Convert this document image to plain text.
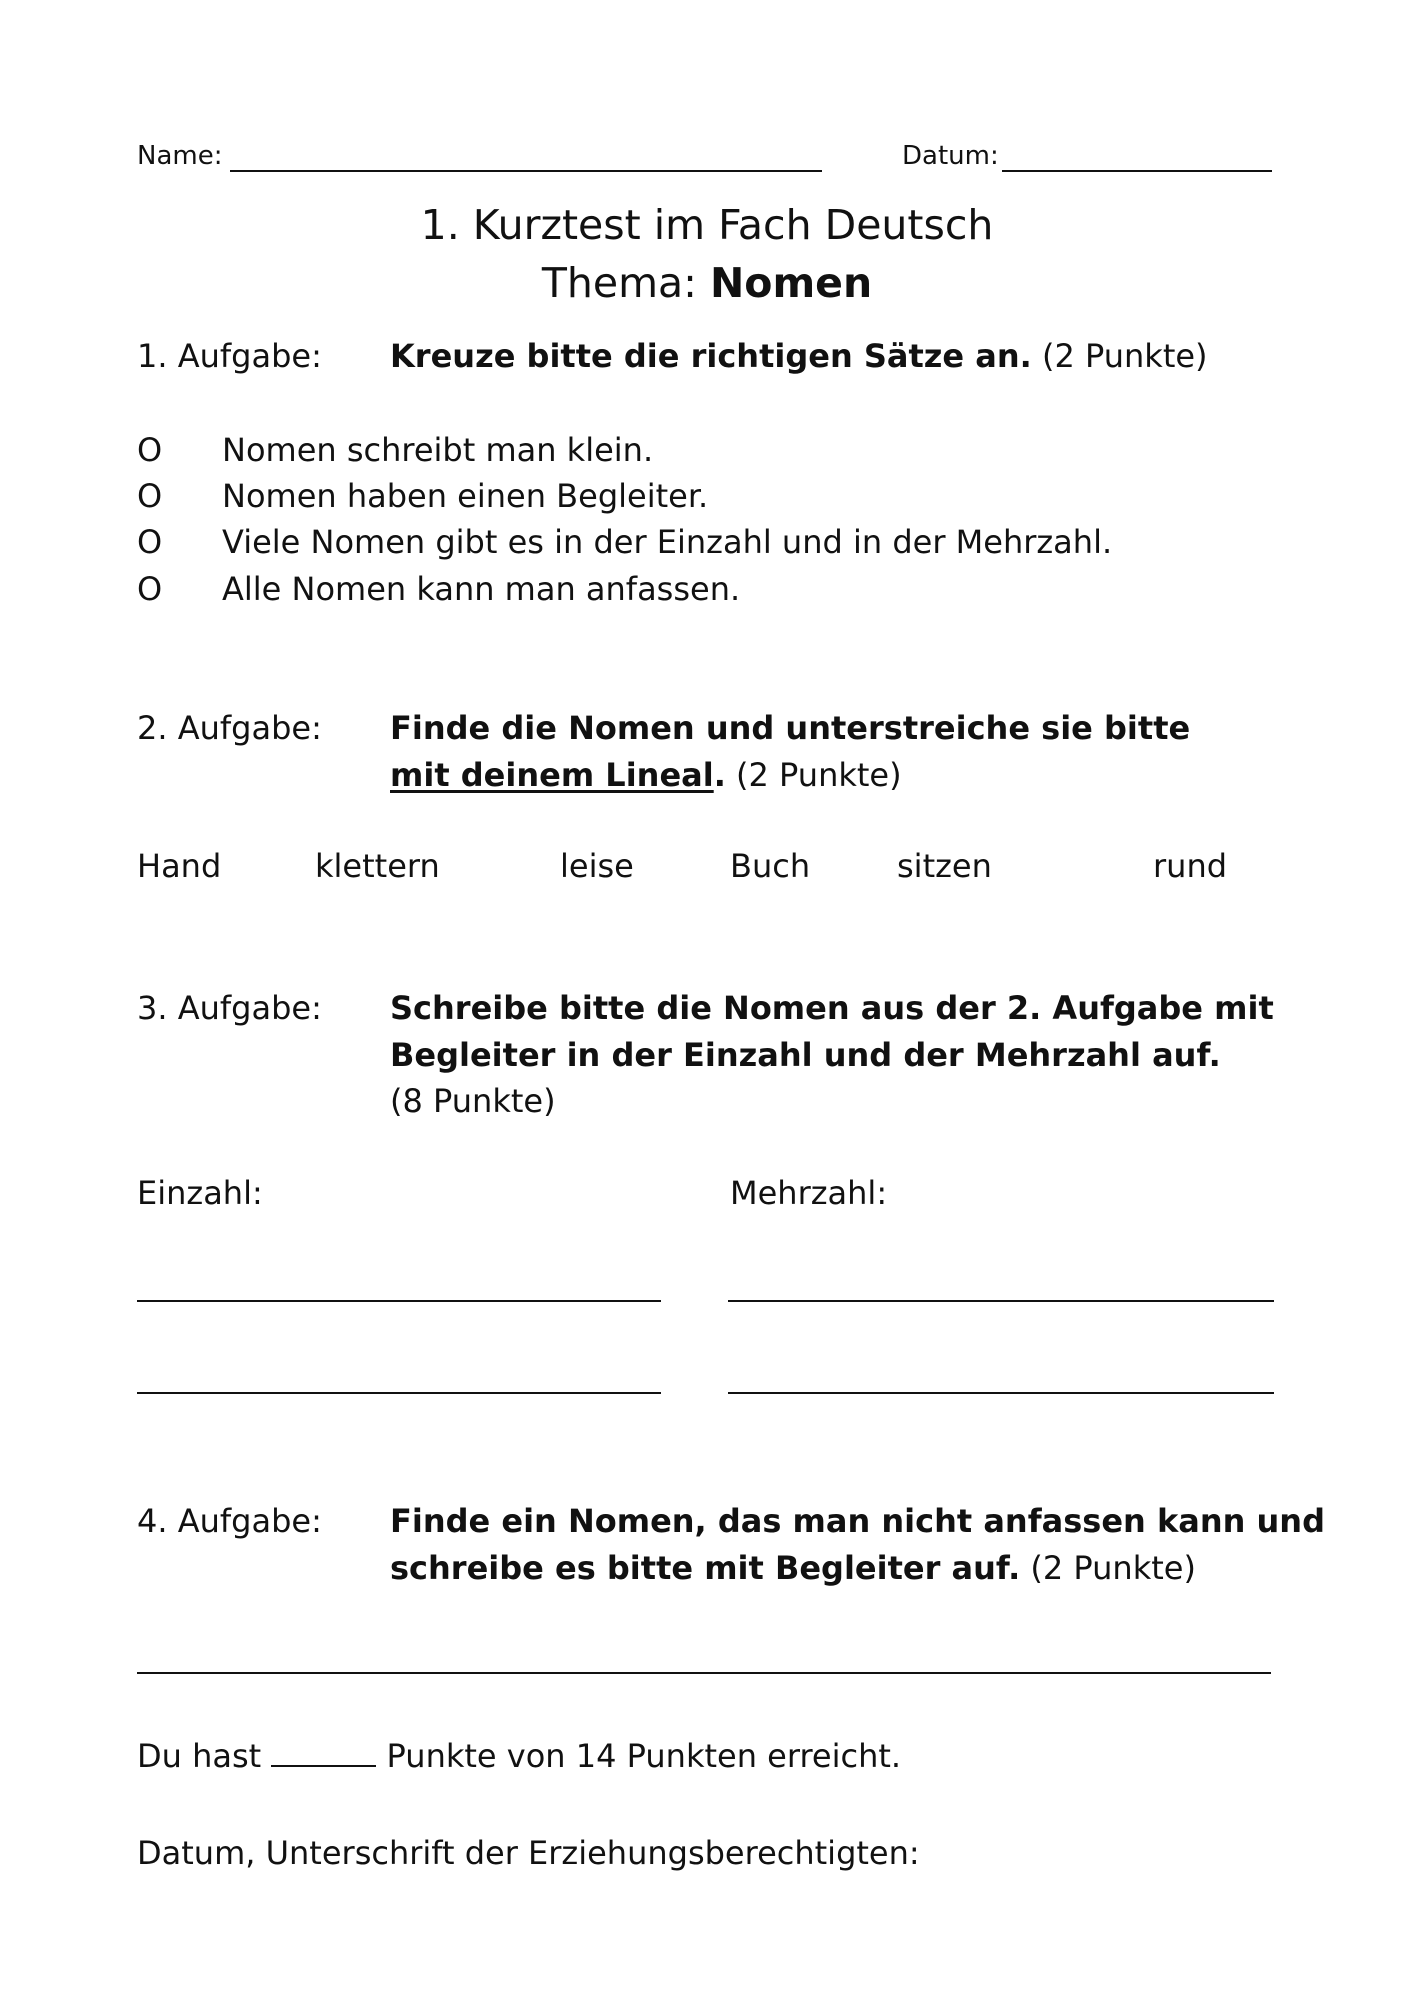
Name:	Datum:
1. Kurztest im Fach Deutsch
Thema: Nomen
1. Aufgabe: Kreuze bitte die richtigen Sätze an. (2 Punkte)
O Nomen schreibt man klein.
O Nomen haben einen Begleiter.
O Viele Nomen gibt es in der Einzahl und in der Mehrzahl.
O Alle Nomen kann man anfassen.
2. Aufgabe: Finde die Nomen und unterstreiche sie bitte
mit deinem Lineal. (2 Punkte)
Hand	klettern	leise	Buch	sitzen	rund
3. Aufgabe: Schreibe bitte die Nomen aus der 2. Aufgabe mit
Begleiter in der Einzahl und der Mehrzahl auf.
(8 Punkte)
Einzahl:	Mehrzahl:
4. Aufgabe: Finde ein Nomen, das man nicht anfassen kann und
schreibe es bitte mit Begleiter auf. (2 Punkte)
Du hast	Punkte von 14 Punkten erreicht.
Datum, Unterschrift der Erziehungsberechtigten:
